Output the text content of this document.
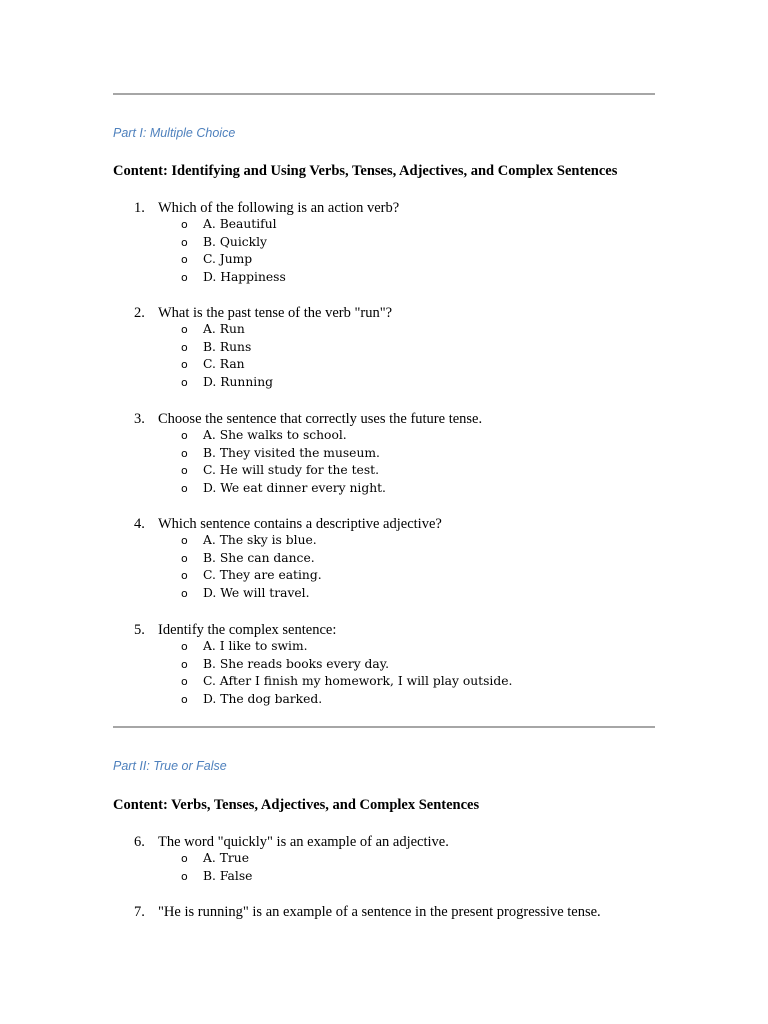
Part I: Multiple Choice

Content: Identifying and Using Verbs, Tenses, Adjectives, and Complex Sentences

1. Which of the following is an action verb?
o A. Beautiful
o B. Quickly
o C. Jump
o D. Happiness
2. What is the past tense of the verb "run"?
o A. Run
o B. Runs
o C. Ran
o D. Running
3. Choose the sentence that correctly uses the future tense.
o A. She walks to school.
o B. They visited the museum.
o C. He will study for the test.
o D. We eat dinner every night.
4. Which sentence contains a descriptive adjective?
o A. The sky is blue.
o B. She can dance.
o C. They are eating.
o D. We will travel.
5. Identify the complex sentence:
o A. I like to swim.
o B. She reads books every day.
o C. After I finish my homework, I will play outside.
o D. The dog barked.

Part II: True or False

Content: Verbs, Tenses, Adjectives, and Complex Sentences

6. The word "quickly" is an example of an adjective.
o A. True
o B. False
7. "He is running" is an example of a sentence in the present progressive tense.
